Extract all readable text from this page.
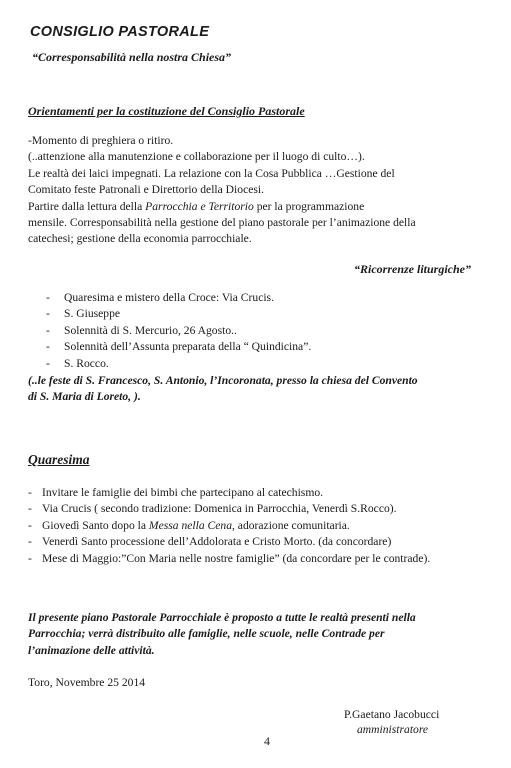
CONSIGLIO PASTORALE
“Corresponsabilità nella nostra Chiesa”
Orientamenti per la costituzione del Consiglio Pastorale

-Momento di preghiera o ritiro.

(..attenzione alla manutenzione e collaborazione per il luogo di culto…).

Le realtà dei laici impegnati. La relazione con la Cosa Pubblica …Gestione del

Comitato feste Patronali e Direttorio della Diocesi.

Partire dalla lettura della Parrocchia e Territorio per la programmazione

mensile. Corresponsabilità nella gestione del piano pastorale per l’animazione della

catechesi; gestione della economia parrocchiale.

“Ricorrenze liturgiche”
-	Quaresima e mistero della Croce: Via Crucis.
-	S. Giuseppe
-	Solennità di S. Mercurio, 26 Agosto..
-	Solennità dell’Assunta preparata della “ Quindicina”.
-	S. Rocco.
(..le feste di S. Francesco, S. Antonio, l’Incoronata, presso la chiesa del Convento
di S. Maria di Loreto, ).
Quaresima
- Invitare le famiglie dei bimbi che partecipano al catechismo.
- Via Crucis ( secondo tradizione: Domenica in Parrocchia, Venerdì S.Rocco).
- Giovedì Santo dopo la Messa nella Cena, adorazione comunitaria.
- Venerdì Santo processione dell’Addolorata e Cristo Morto. (da concordare)
- Mese di Maggio:”Con Maria nelle nostre famiglie” (da concordare per le contrade).
Il presente piano Pastorale Parrocchiale è proposto a tutte le realtà presenti nella
Parrocchia; verrà distribuito alle famiglie, nelle scuole, nelle Contrade per
l’animazione delle attività.
Toro, Novembre 25 2014
P.Gaetano Jacobucci
4
amministratore
